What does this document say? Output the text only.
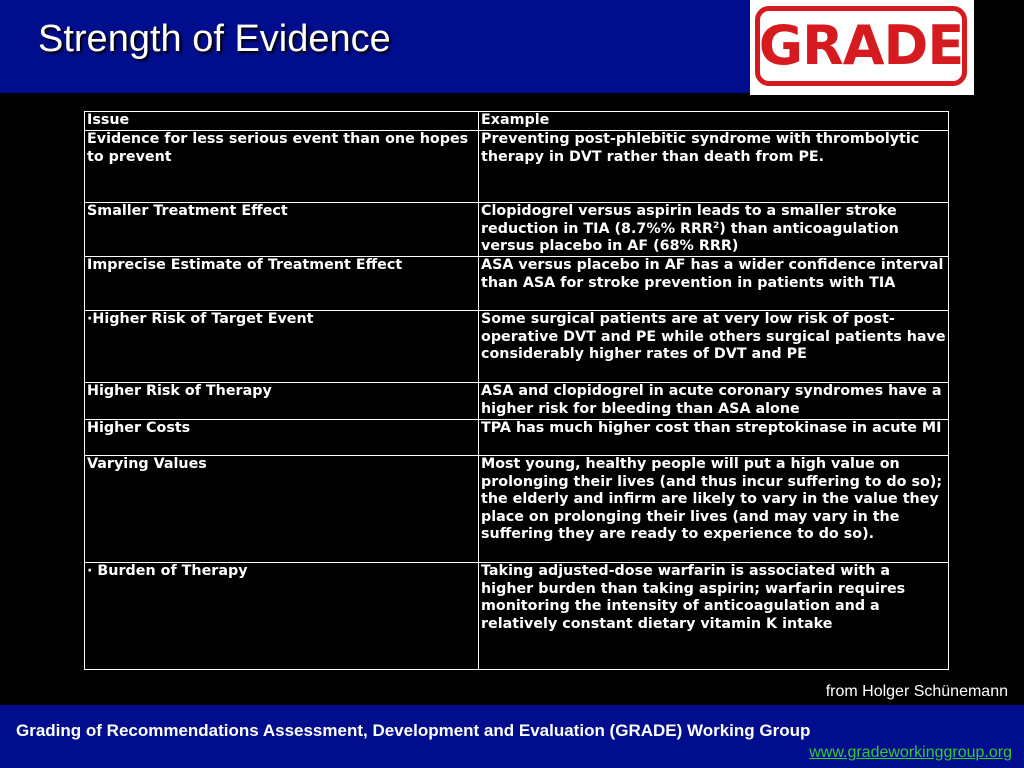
Strength of Evidence	GRADE
Issue	Example
Evidence for less serious event than one hopes to prevent	Preventing post-phlebitic syndrome with thrombolytic therapy in DVT rather than death from PE.
Smaller Treatment Effect	Clopidogrel versus aspirin leads to a smaller stroke reduction in TIA (8.7%% RRR$^2$) than anticoagulation versus placebo in AF (68% RRR)
Imprecise Estimate of Treatment Effect	ASA versus placebo in AF has a wider confidence interval than ASA for stroke prevention in patients with TIA
·Higher Risk of Target Event	Some surgical patients are at very low risk of post-operative DVT and PE while others surgical patients have considerably higher rates of DVT and PE
Higher Risk of Therapy	ASA and clopidogrel in acute coronary syndromes have a higher risk for bleeding than ASA alone
Higher Costs	TPA has much higher cost than streptokinase in acute MI
Varying Values	Most young, healthy people will put a high value on prolonging their lives (and thus incur suffering to do so); the elderly and infirm are likely to vary in the value they place on prolonging their lives (and may vary in the suffering they are ready to experience to do so).
· Burden of Therapy	Taking adjusted-dose warfarin is associated with a higher burden than taking aspirin; warfarin requires monitoring the intensity of anticoagulation and a relatively constant dietary vitamin K intake
from Holger Schünemann
Grading of Recommendations Assessment, Development and Evaluation (GRADE) Working Group
www.gradeworkinggroup.org
